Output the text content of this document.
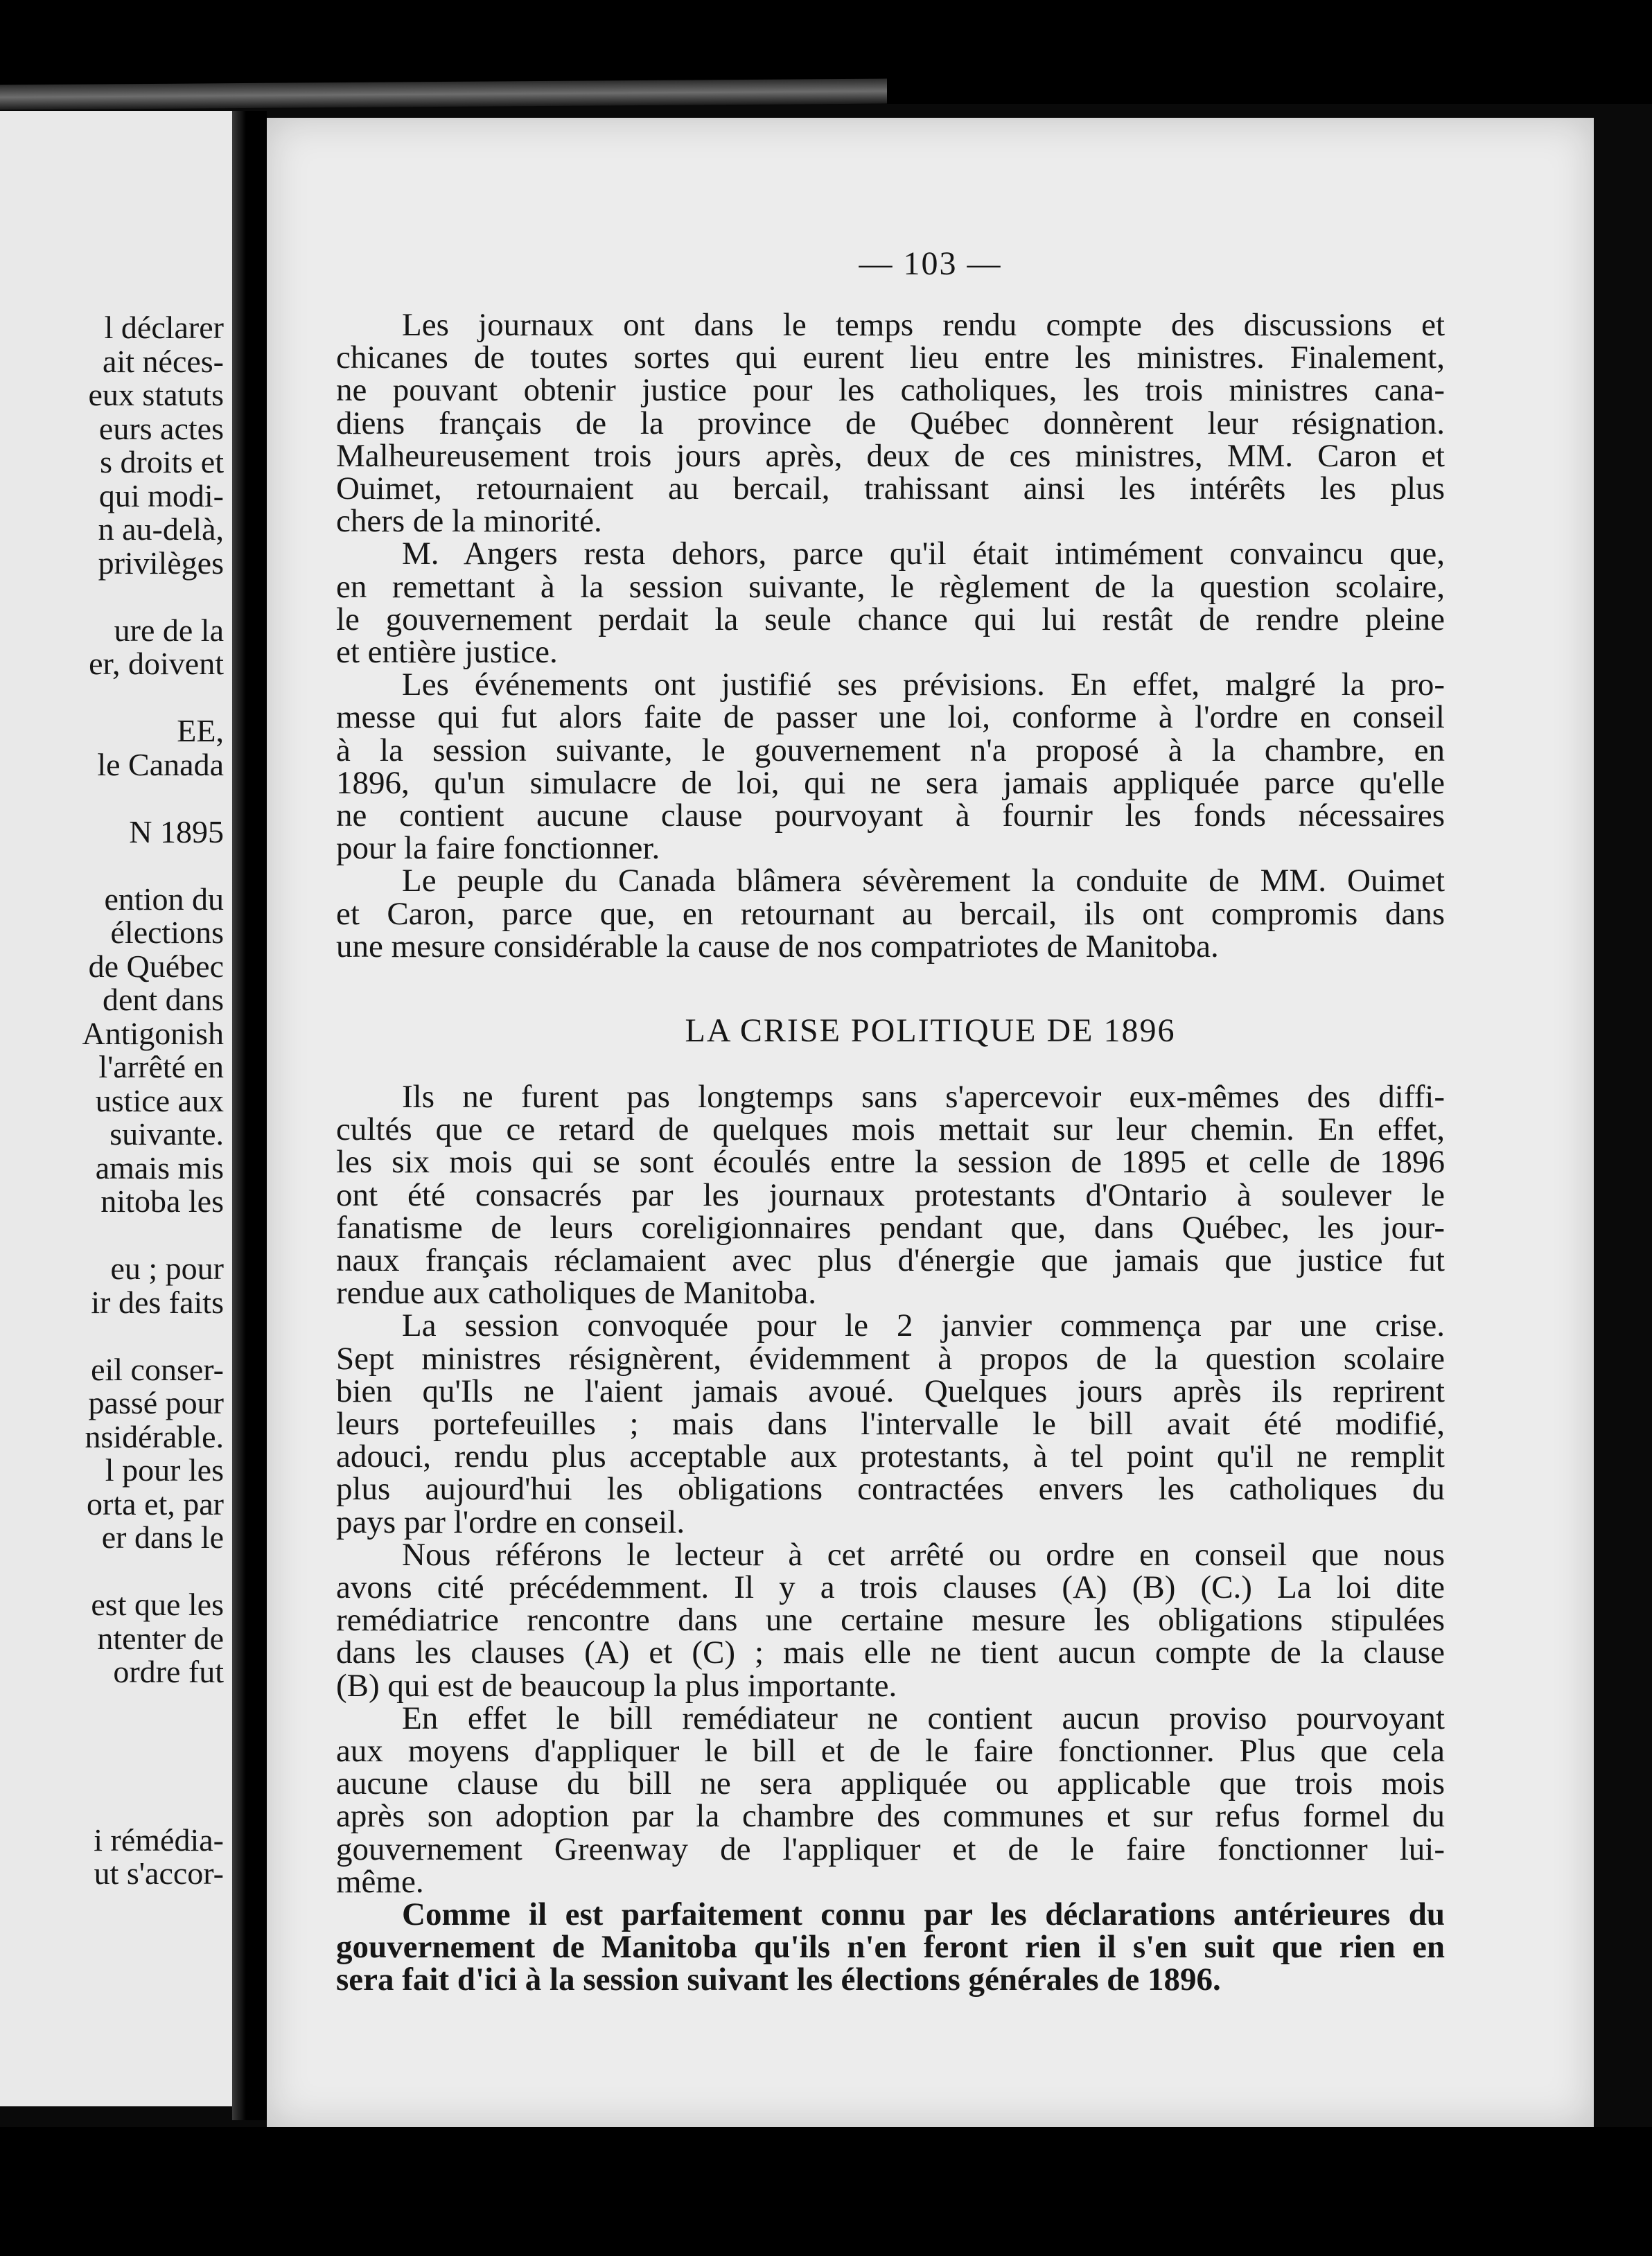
l déclarer
ait néces-
eux statuts
eurs actes
s droits et
qui modi-
n au-delà,
privilèges
ure de la
er, doivent
EE,
le Canada
N 1895
ention du
élections
de Québec
dent dans
Antigonish
l'arrêté en
ustice aux
suivante.
amais mis
nitoba les
eu ; pour
ir des faits
eil conser-
passé pour
nsidérable.
l pour les
orta et, par
er dans le
est que les
ntenter de
ordre fut
i rémédia-
ut s'accor-
— 103 —
LA CRISE POLITIQUE DE 1896
Les journaux ont dans le temps rendu compte des discussions et
chicanes de toutes sortes qui eurent lieu entre les ministres. Finalement,
ne pouvant obtenir justice pour les catholiques, les trois ministres cana-
diens français de la province de Québec donnèrent leur résignation.
Malheureusement trois jours après, deux de ces ministres, MM. Caron et
Ouimet, retournaient au bercail, trahissant ainsi les intérêts les plus
chers de la minorité.
M. Angers resta dehors, parce qu'il était intimément convaincu que,
en remettant à la session suivante, le règlement de la question scolaire,
le gouvernement perdait la seule chance qui lui restât de rendre pleine
et entière justice.
Les événements ont justifié ses prévisions. En effet, malgré la pro-
messe qui fut alors faite de passer une loi, conforme à l'ordre en conseil
à la session suivante, le gouvernement n'a proposé à la chambre, en
1896, qu'un simulacre de loi, qui ne sera jamais appliquée parce qu'elle
ne contient aucune clause pourvoyant à fournir les fonds nécessaires
pour la faire fonctionner.
Le peuple du Canada blâmera sévèrement la conduite de MM. Ouimet
et Caron, parce que, en retournant au bercail, ils ont compromis dans
une mesure considérable la cause de nos compatriotes de Manitoba.
Ils ne furent pas longtemps sans s'apercevoir eux-mêmes des diffi-
cultés que ce retard de quelques mois mettait sur leur chemin. En effet,
les six mois qui se sont écoulés entre la session de 1895 et celle de 1896
ont été consacrés par les journaux protestants d'Ontario à soulever le
fanatisme de leurs coreligionnaires pendant que, dans Québec, les jour-
naux français réclamaient avec plus d'énergie que jamais que justice fut
rendue aux catholiques de Manitoba.
La session convoquée pour le 2 janvier commença par une crise.
Sept ministres résignèrent, évidemment à propos de la question scolaire
bien qu'Ils ne l'aient jamais avoué. Quelques jours après ils reprirent
leurs portefeuilles ; mais dans l'intervalle le bill avait été modifié,
adouci, rendu plus acceptable aux protestants, à tel point qu'il ne remplit
plus aujourd'hui les obligations contractées envers les catholiques du
pays par l'ordre en conseil.
Nous référons le lecteur à cet arrêté ou ordre en conseil que nous
avons cité précédemment. Il y a trois clauses (A) (B) (C.) La loi dite
remédiatrice rencontre dans une certaine mesure les obligations stipulées
dans les clauses (A) et (C) ; mais elle ne tient aucun compte de la clause
(B) qui est de beaucoup la plus importante.
En effet le bill remédiateur ne contient aucun proviso pourvoyant
aux moyens d'appliquer le bill et de le faire fonctionner. Plus que cela
aucune clause du bill ne sera appliquée ou applicable que trois mois
après son adoption par la chambre des communes et sur refus formel du
gouvernement Greenway de l'appliquer et de le faire fonctionner lui-
même.
Comme il est parfaitement connu par les déclarations antérieures du
gouvernement de Manitoba qu'ils n'en feront rien il s'en suit que rien en
sera fait d'ici à la session suivant les élections générales de 1896.
